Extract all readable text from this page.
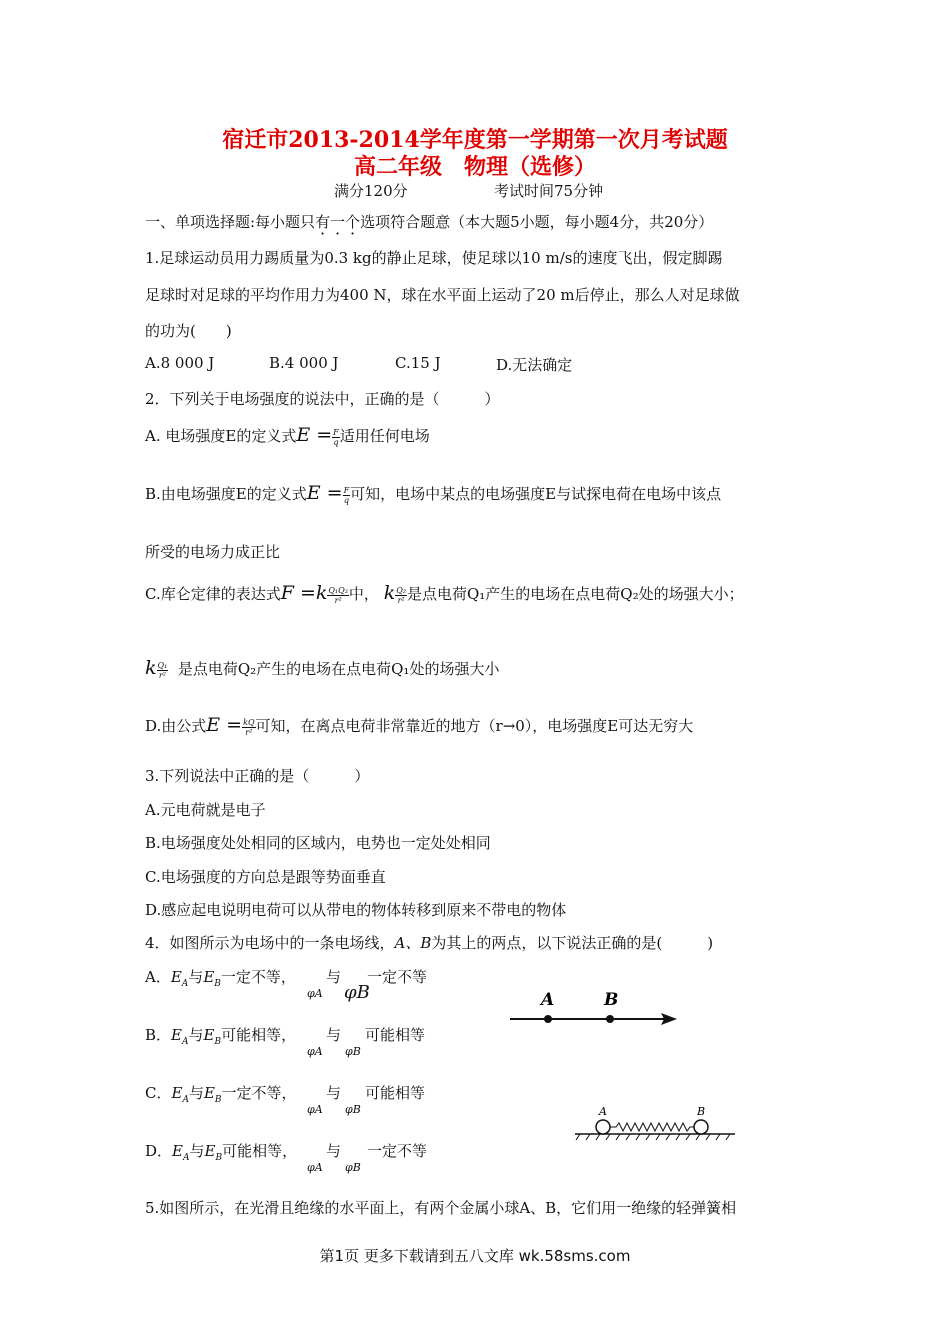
宿迁市2013-2014学年度第一学期第一次月考试题
高二年级　物理（选修）
满分120分	考试时间75分钟
一、单项选择题:每小题只有一个选项符合题意（本大题5小题，每小题4分，共20分）
1.足球运动员用力踢质量为0.3 kg的静止足球，使足球以10 m/s的速度飞出，假定脚踢
足球时对足球的平均作用力为400 N，球在水平面上运动了20 m后停止，那么人对足球做
的功为(　　)
A.8 000 J	B.4 000 J	C.15 J	D.无法确定
2．下列关于电场强度的说法中，正确的是（　　　）
A. 电场强度E的定义式$E = \frac{F}{q}$ 适用任何电场
B.由电场强度E的定义式$E = \frac{F}{q}$ 可知，电场中某点的电场强度E与试探电荷在电场中该点
所受的电场力成正比
C.库仑定律的表达式$F =k \frac{\text{Q₁Q₂}}{\text{r²}}$ 中， k $\frac{\text{Q₂}}{\text{r²}}$ 是点电荷Q₁产生的电场在点电荷Q₂处的场强大小；
k $\frac{\text{Q₁}}{\text{r²}}$ 是点电荷Q₂产生的电场在点电荷Q₁处的场强大小
D.由公式$E = \frac{kQ}{\text{r²}}$ 可知，在离点电荷非常靠近的地方（r→0），电场强度E可达无穷大
3.下列说法中正确的是（　　　）
A.元电荷就是电子
B.电场强度处处相同的区域内，电势也一定处处相同
C.电场强度的方向总是跟等势面垂直
D.感应起电说明电荷可以从带电的物体转移到原来不带电的物体
4．如图所示为电场中的一条电场线，A、B为其上的两点，以下说法正确的是(　　　)
A．$E_A$与$E_B$一定不等， 与 一定不等
B．$E_A$与$E_B$可能相等， 与 可能相等
C．$E_A$与$E_B$一定不等， 与 可能相等
D．$E_A$与$E_B$可能相等， 与 一定不等
φA φB
φA φB
φA φB
φA φB
A	B
A	B
5.如图所示，在光滑且绝缘的水平面上，有两个金属小球A、B，它们用一绝缘的轻弹簧相
第1页 更多下载请到五八文库 wk.58sms.com
